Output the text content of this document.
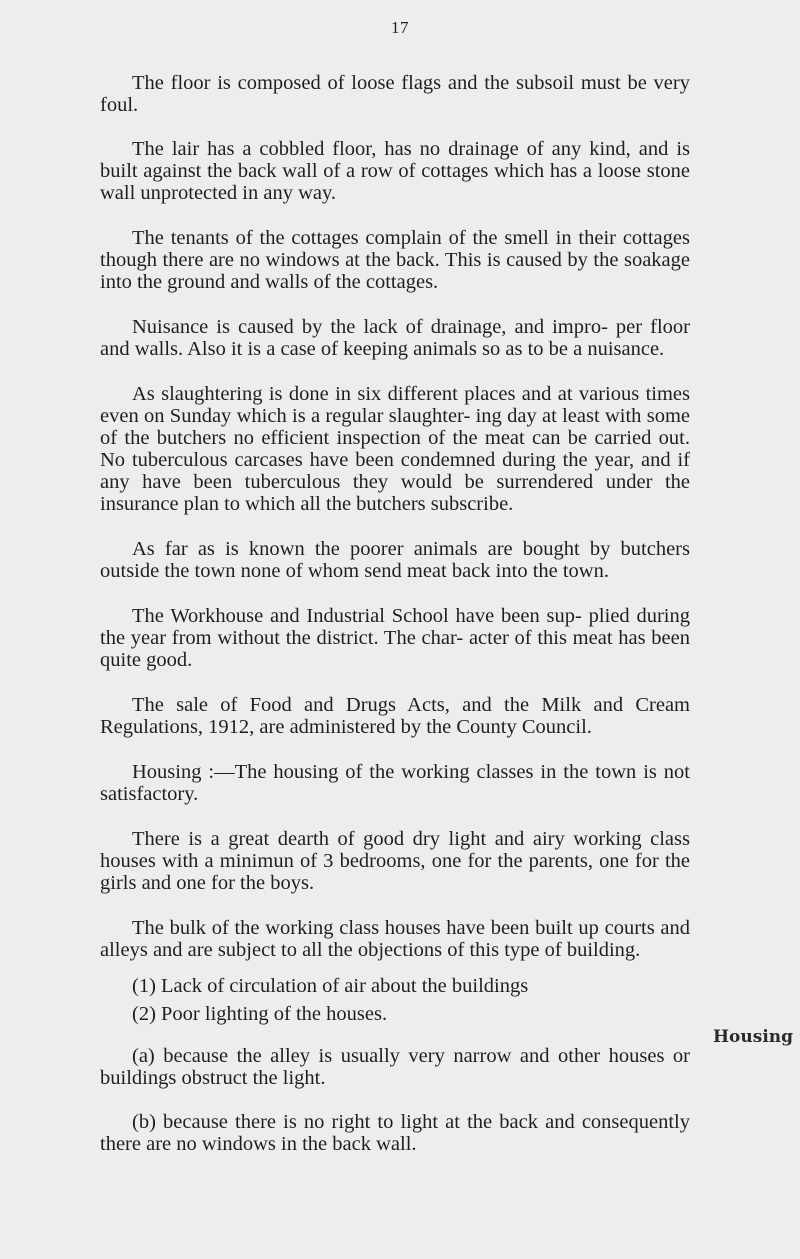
17

The floor is composed of loose flags and the subsoil must be very foul.

The lair has a cobbled floor, has no drainage of any kind, and is built against the back wall of a row of cottages which has a loose stone wall unprotected in any way.

The tenants of the cottages complain of the smell in their cottages though there are no windows at the back. This is caused by the soakage into the ground and walls of the cottages.

Nuisance is caused by the lack of drainage, and impro- per floor and walls. Also it is a case of keeping animals so as to be a nuisance.

As slaughtering is done in six different places and at various times even on Sunday which is a regular slaughter- ing day at least with some of the butchers no efficient inspection of the meat can be carried out. No tuberculous carcases have been condemned during the year, and if any have been tuberculous they would be surrendered under the insurance plan to which all the butchers subscribe.

As far as is known the poorer animals are bought by butchers outside the town none of whom send meat back into the town.

The Workhouse and Industrial School have been sup- plied during the year from without the district. The char- acter of this meat has been quite good.

The sale of Food and Drugs Acts, and the Milk and Cream Regulations, 1912, are administered by the County Council.

Housing :—The housing of the working classes in the town is not satisfactory.

There is a great dearth of good dry light and airy working class houses with a minimun of 3 bedrooms, one for the parents, one for the girls and one for the boys.

The bulk of the working class houses have been built up courts and alleys and are subject to all the objections of this type of building.

(1) Lack of circulation of air about the buildings

(2) Poor lighting of the houses.

(a) because the alley is usually very narrow and other houses or buildings obstruct the light.

(b) because there is no right to light at the back and consequently there are no windows in the back wall.

Housing
